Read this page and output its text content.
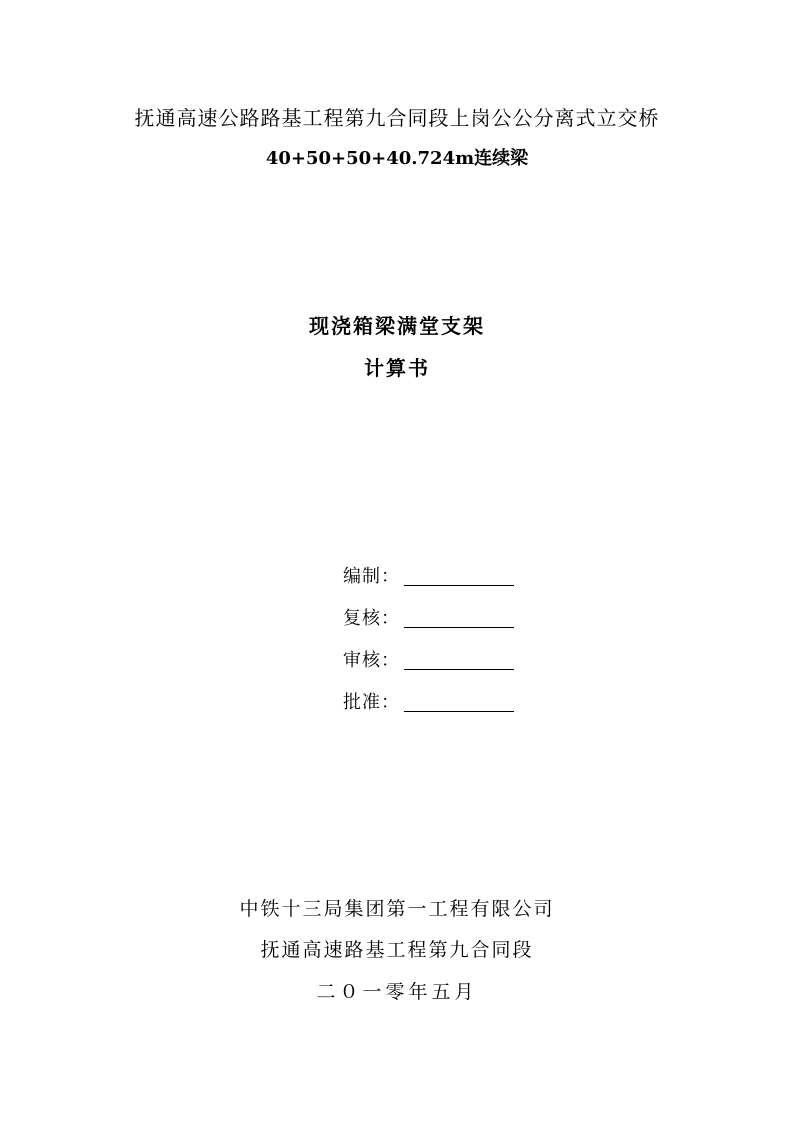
抚通高速公路路基工程第九合同段上岗公公分离式立交桥
40+50+50+40.724m连续梁
现浇箱梁满堂支架
计算书
编制：
复核：
审核：
批准：
中铁十三局集团第一工程有限公司
抚通高速路基工程第九合同段
二０一零年五月
